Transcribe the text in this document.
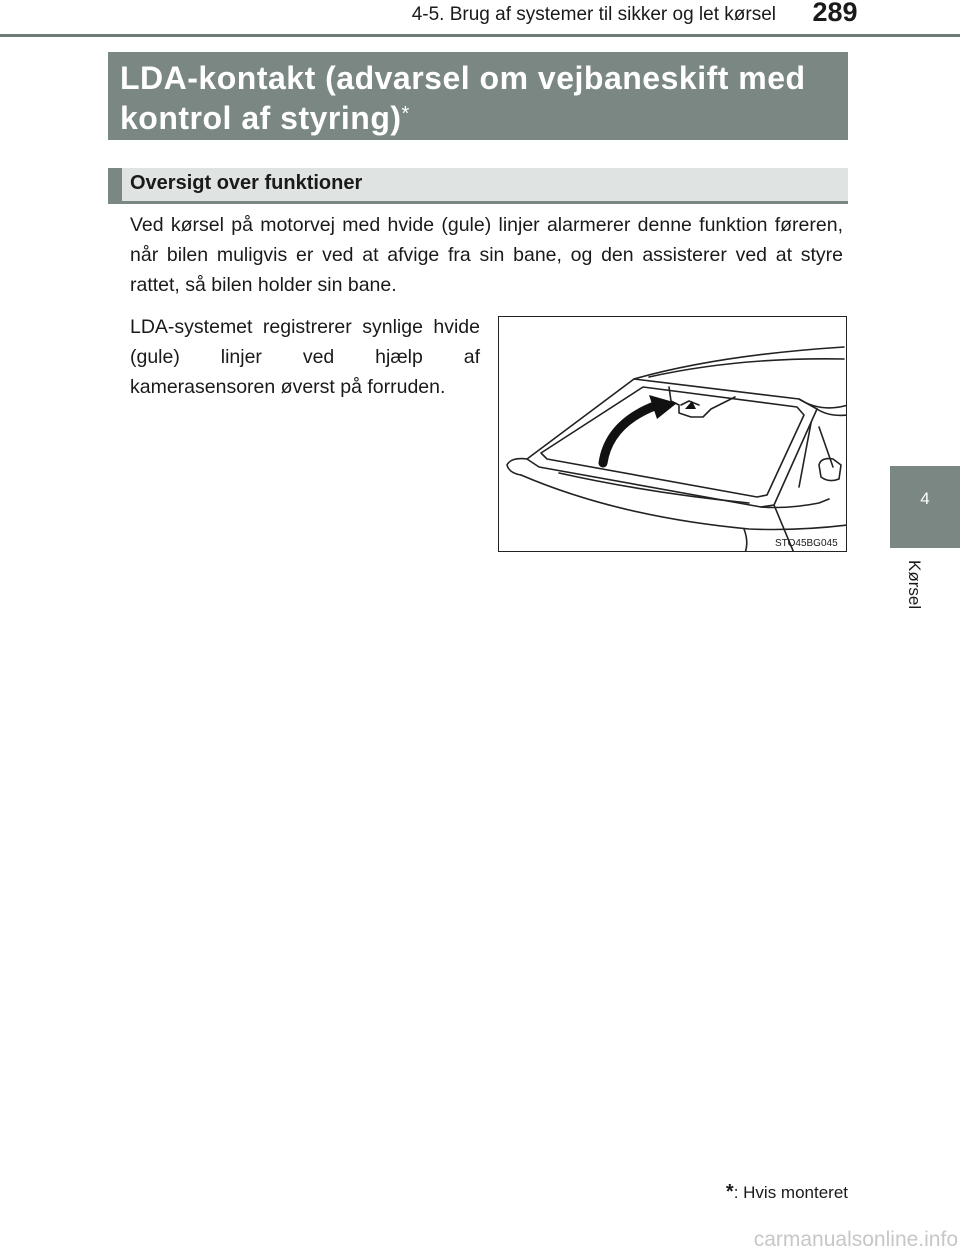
4-5. Brug af systemer til sikker og let kørsel	289
4
Kørsel
LDA-kontakt (advarsel om vejbaneskift med kontrol af styring)*
Oversigt over funktioner
Ved kørsel på motorvej med hvide (gule) linjer alarmerer denne funktion føreren, når bilen muligvis er ved at afvige fra sin bane, og den assisterer ved at styre rattet, så bilen holder sin bane.
LDA-systemet registrerer synlige hvide (gule) linjer ved hjælp af kamerasensoren øverst på forruden.
STO45BG045
*: Hvis monteret
carmanualsonline.info
